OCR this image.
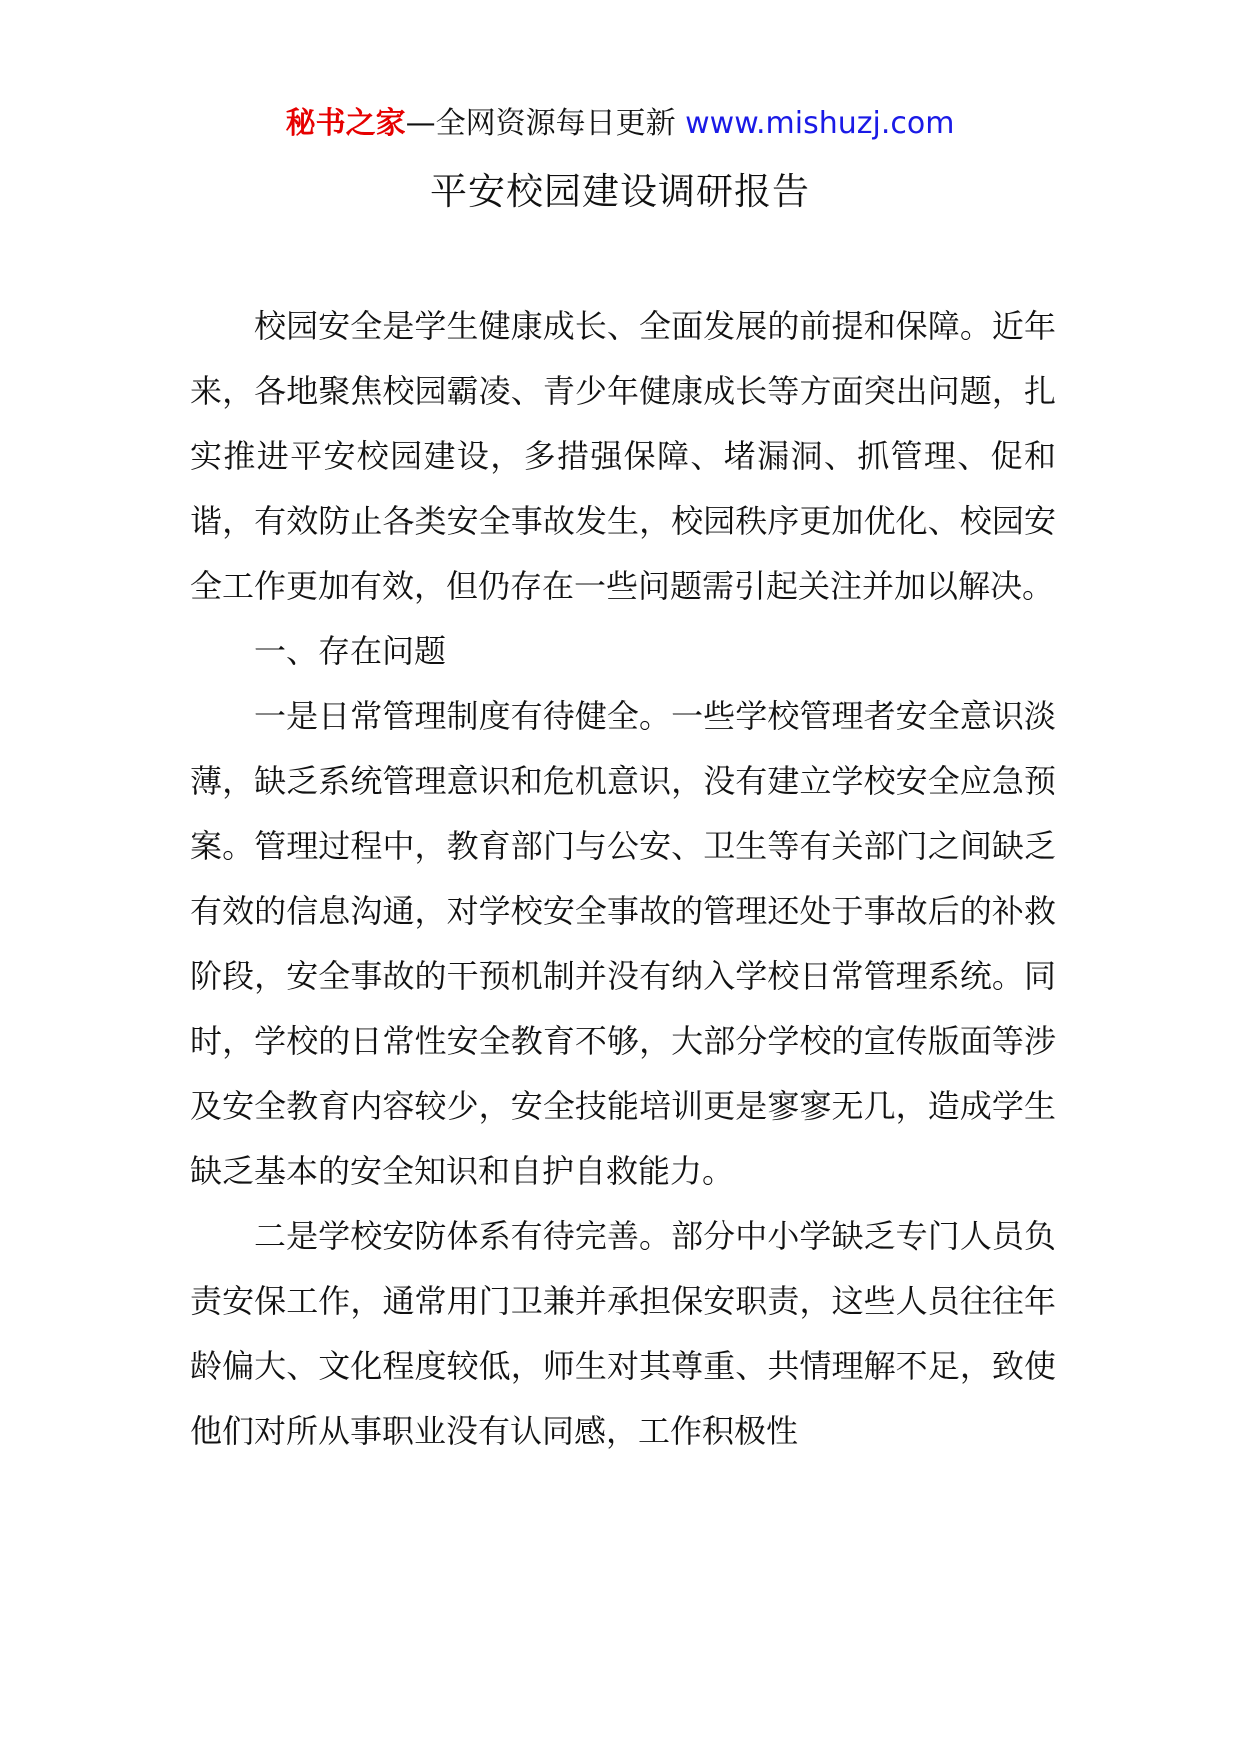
秘书之家—全网资源每日更新 www.mishuzj.com
平安校园建设调研报告

校园安全是学生健康成长、全面发展的前提和保障。近年来，各地聚焦校园霸凌、青少年健康成长等方面突出问题，扎实推进平安校园建设，多措强保障、堵漏洞、抓管理、促和谐，有效防止各类安全事故发生，校园秩序更加优化、校园安全工作更加有效，但仍存在一些问题需引起关注并加以解决。

一、存在问题

一是日常管理制度有待健全。一些学校管理者安全意识淡薄，缺乏系统管理意识和危机意识，没有建立学校安全应急预案。管理过程中，教育部门与公安、卫生等有关部门之间缺乏有效的信息沟通，对学校安全事故的管理还处于事故后的补救阶段，安全事故的干预机制并没有纳入学校日常管理系统。同时，学校的日常性安全教育不够，大部分学校的宣传版面等涉及安全教育内容较少，安全技能培训更是寥寥无几，造成学生缺乏基本的安全知识和自护自救能力。

二是学校安防体系有待完善。部分中小学缺乏专门人员负责安保工作，通常用门卫兼并承担保安职责，这些人员往往年龄偏大、文化程度较低，师生对其尊重、共情理解不足，致使他们对所从事职业没有认同感，工作积极性
